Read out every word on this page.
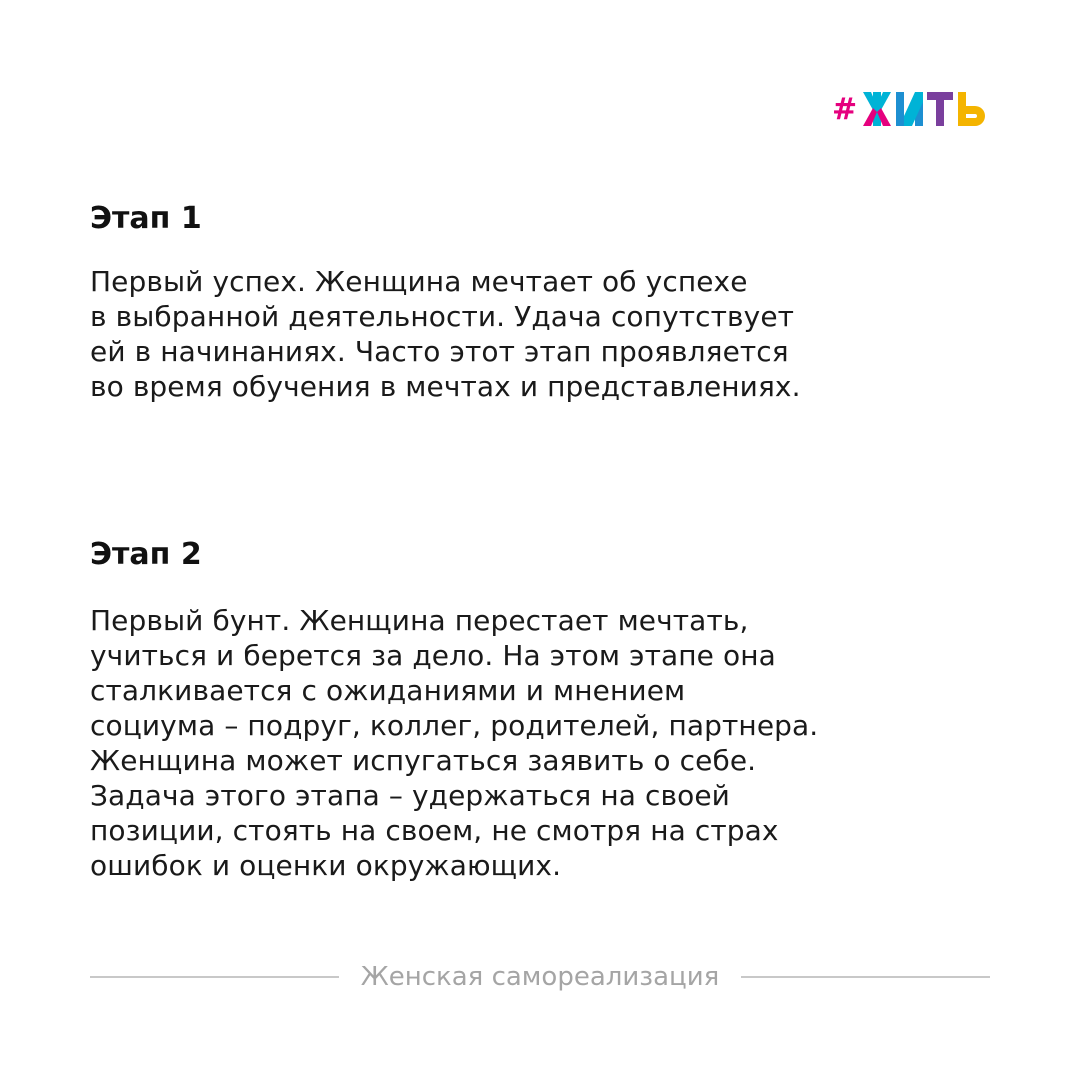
#
Этап 1

Первый успех. Женщина мечтает об успехе
в выбранной деятельности. Удача сопутствует
ей в начинаниях. Часто этот этап проявляется
во время обучения в мечтах и представлениях.

Этап 2

Первый бунт. Женщина перестает мечтать,
учиться и берется за дело. На этом этапе она
сталкивается с ожиданиями и мнением
социума – подруг, коллег, родителей, партнера.
Женщина может испугаться заявить о себе.
Задача этого этапа – удержаться на своей
позиции, стоять на своем, не смотря на страх
ошибок и оценки окружающих.

Женская самореализация
